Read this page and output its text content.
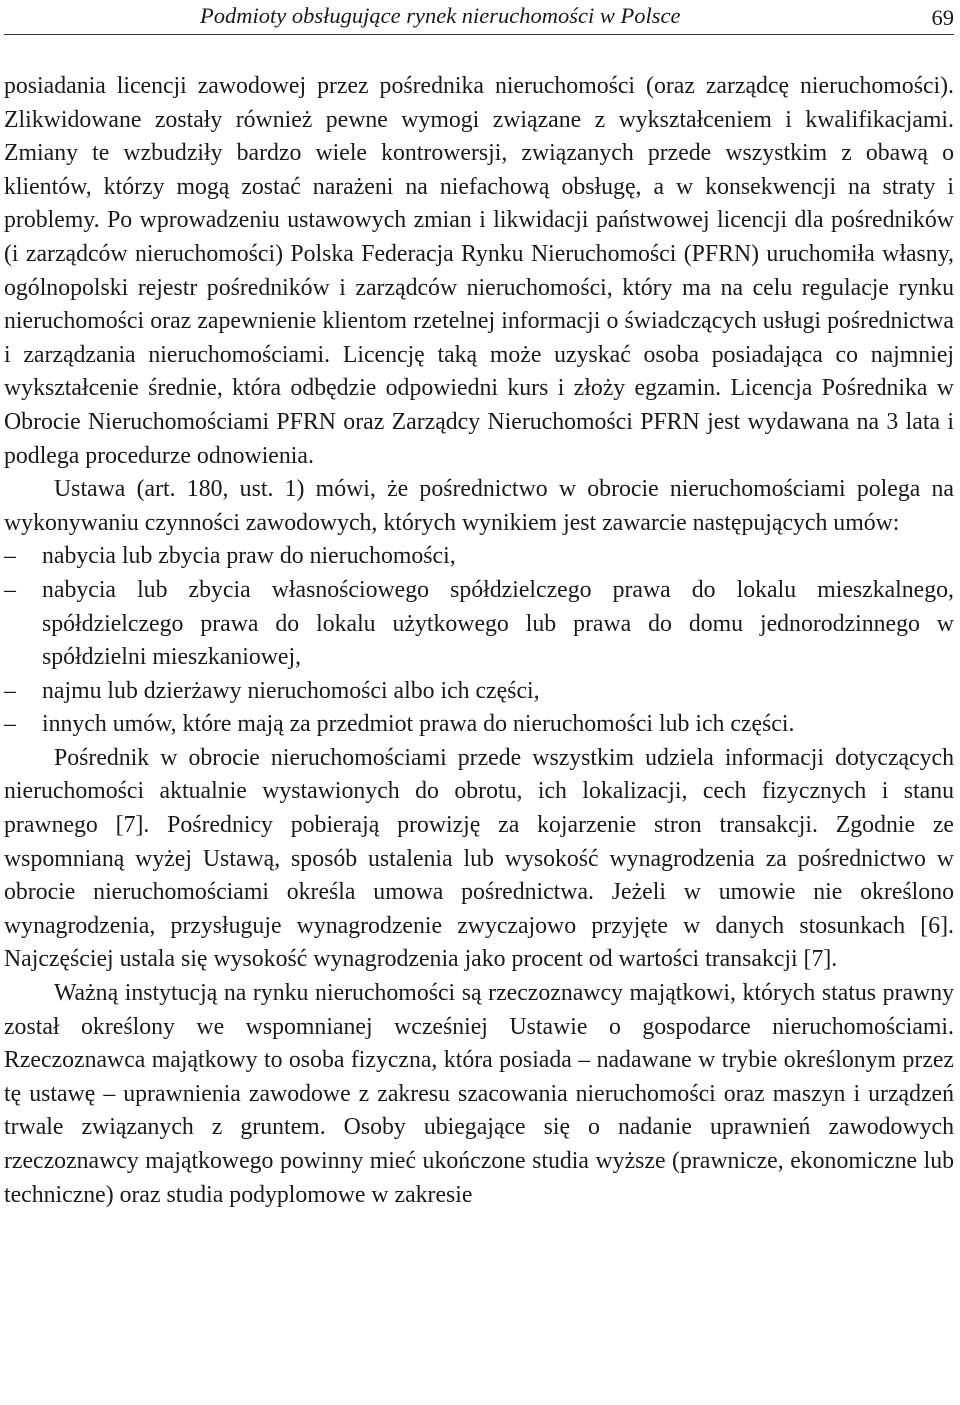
Podmioty obsługujące rynek nieruchomości w Polsce	69

posiadania licencji zawodowej przez pośrednika nieruchomości (oraz zarządcę nieruchomości). Zlikwidowane zostały również pewne wymogi związane z wykształceniem i kwalifikacjami. Zmiany te wzbudziły bardzo wiele kontrowersji, związanych przede wszystkim z obawą o klientów, którzy mogą zostać narażeni na niefachową obsługę, a w konsekwencji na straty i problemy. Po wprowadzeniu ustawowych zmian i likwidacji państwowej licencji dla pośredników (i zarządców nieruchomości) Polska Federacja Rynku Nieruchomości (PFRN) uruchomiła własny, ogólnopolski rejestr pośredników i zarządców nieruchomości, który ma na celu regulacje rynku nieruchomości oraz zapewnienie klientom rzetelnej informacji o świadczących usługi pośrednictwa i zarządzania nieruchomościami. Licencję taką może uzyskać osoba posiadająca co najmniej wykształcenie średnie, która odbędzie odpowiedni kurs i złoży egzamin. Licencja Pośrednika w Obrocie Nieruchomościami PFRN oraz Zarządcy Nieruchomości PFRN jest wydawana na 3 lata i podlega procedurze odnowienia.

Ustawa (art. 180, ust. 1) mówi, że pośrednictwo w obrocie nieruchomościami polega na wykonywaniu czynności zawodowych, których wynikiem jest zawarcie następujących umów:

–	nabycia lub zbycia praw do nieruchomości,
–	nabycia lub zbycia własnościowego spółdzielczego prawa do lokalu mieszkalnego, spółdzielczego prawa do lokalu użytkowego lub prawa do domu jednorodzinnego w spółdzielni mieszkaniowej,
–	najmu lub dzierżawy nieruchomości albo ich części,
–	innych umów, które mają za przedmiot prawa do nieruchomości lub ich części.

Pośrednik w obrocie nieruchomościami przede wszystkim udziela informacji dotyczących nieruchomości aktualnie wystawionych do obrotu, ich lokalizacji, cech fizycznych i stanu prawnego [7]. Pośrednicy pobierają prowizję za kojarzenie stron transakcji. Zgodnie ze wspomnianą wyżej Ustawą, sposób ustalenia lub wysokość wynagrodzenia za pośrednictwo w obrocie nieruchomościami określa umowa pośrednictwa. Jeżeli w umowie nie określono wynagrodzenia, przysługuje wynagrodzenie zwyczajowo przyjęte w danych stosunkach [6]. Najczęściej ustala się wysokość wynagrodzenia jako procent od wartości transakcji [7].

Ważną instytucją na rynku nieruchomości są rzeczoznawcy majątkowi, których status prawny został określony we wspomnianej wcześniej Ustawie o gospodarce nieruchomościami. Rzeczoznawca majątkowy to osoba fizyczna, która posiada – nadawane w trybie określonym przez tę ustawę – uprawnienia zawodowe z zakresu szacowania nieruchomości oraz maszyn i urządzeń trwale związanych z gruntem. Osoby ubiegające się o nadanie uprawnień zawodowych rzeczoznawcy majątkowego powinny mieć ukończone studia wyższe (prawnicze, ekonomiczne lub techniczne) oraz studia podyplomowe w zakresie
